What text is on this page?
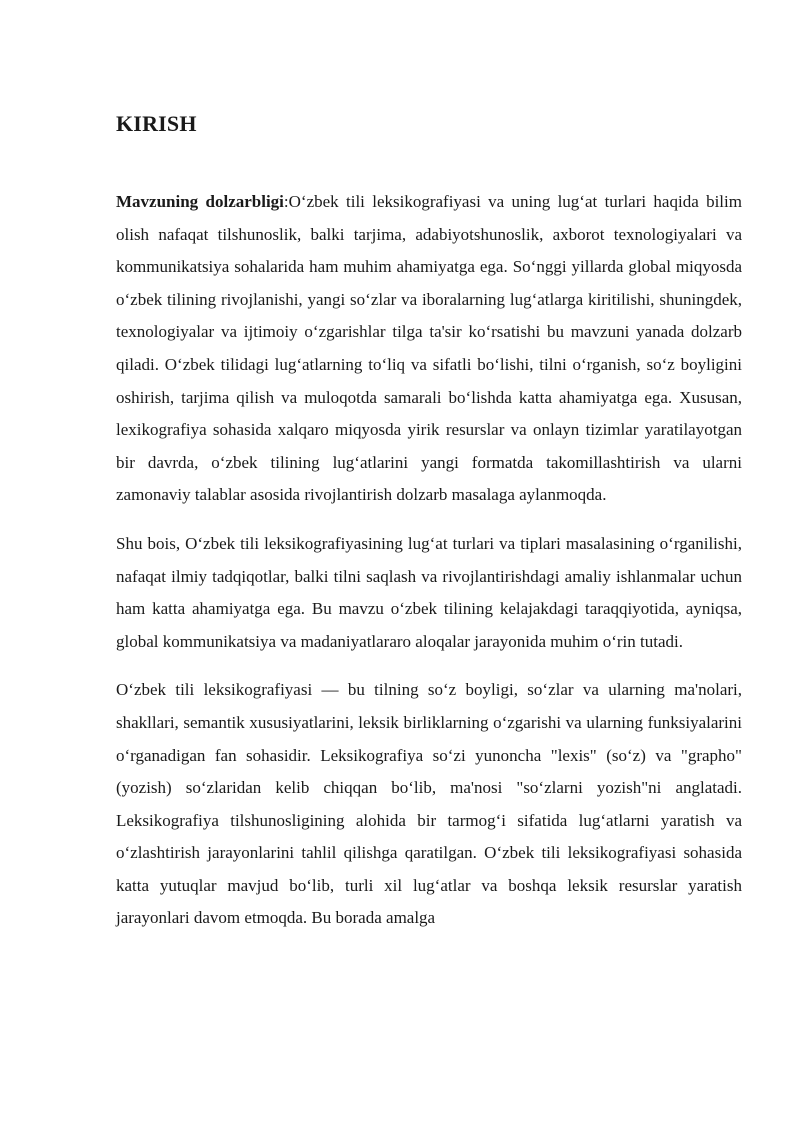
KIRISH

Mavzuning dolzarbligi:O‘zbek tili leksikografiyasi va uning lug‘at turlari haqida bilim olish nafaqat tilshunoslik, balki tarjima, adabiyotshunoslik, axborot texnologiyalari va kommunikatsiya sohalarida ham muhim ahamiyatga ega. So‘nggi yillarda global miqyosda o‘zbek tilining rivojlanishi, yangi so‘zlar va iboralarning lug‘atlarga kiritilishi, shuningdek, texnologiyalar va ijtimoiy o‘zgarishlar tilga ta'sir ko‘rsatishi bu mavzuni yanada dolzarb qiladi. O‘zbek tilidagi lug‘atlarning to‘liq va sifatli bo‘lishi, tilni o‘rganish, so‘z boyligini oshirish, tarjima qilish va muloqotda samarali bo‘lishda katta ahamiyatga ega. Xususan, lexikografiya sohasida xalqaro miqyosda yirik resurslar va onlayn tizimlar yaratilayotgan bir davrda, o‘zbek tilining lug‘atlarini yangi formatda takomillashtirish va ularni zamonaviy talablar asosida rivojlantirish dolzarb masalaga aylanmoqda.

Shu bois, O‘zbek tili leksikografiyasining lug‘at turlari va tiplari masalasining o‘rganilishi, nafaqat ilmiy tadqiqotlar, balki tilni saqlash va rivojlantirishdagi amaliy ishlanmalar uchun ham katta ahamiyatga ega. Bu mavzu o‘zbek tilining kelajakdagi taraqqiyotida, ayniqsa, global kommunikatsiya va madaniyatlararo aloqalar jarayonida muhim o‘rin tutadi.

O‘zbek tili leksikografiyasi — bu tilning so‘z boyligi, so‘zlar va ularning ma'nolari, shakllari, semantik xususiyatlarini, leksik birliklarning o‘zgarishi va ularning funksiyalarini o‘rganadigan fan sohasidir. Leksikografiya so‘zi yunoncha "lexis" (so‘z) va "grapho" (yozish) so‘zlaridan kelib chiqqan bo‘lib, ma'nosi "so‘zlarni yozish"ni anglatadi. Leksikografiya tilshunosligining alohida bir tarmog‘i sifatida lug‘atlarni yaratish va o‘zlashtirish jarayonlarini tahlil qilishga qaratilgan. O‘zbek tili leksikografiyasi sohasida katta yutuqlar mavjud bo‘lib, turli xil lug‘atlar va boshqa leksik resurslar yaratish jarayonlari davom etmoqda. Bu borada amalga
